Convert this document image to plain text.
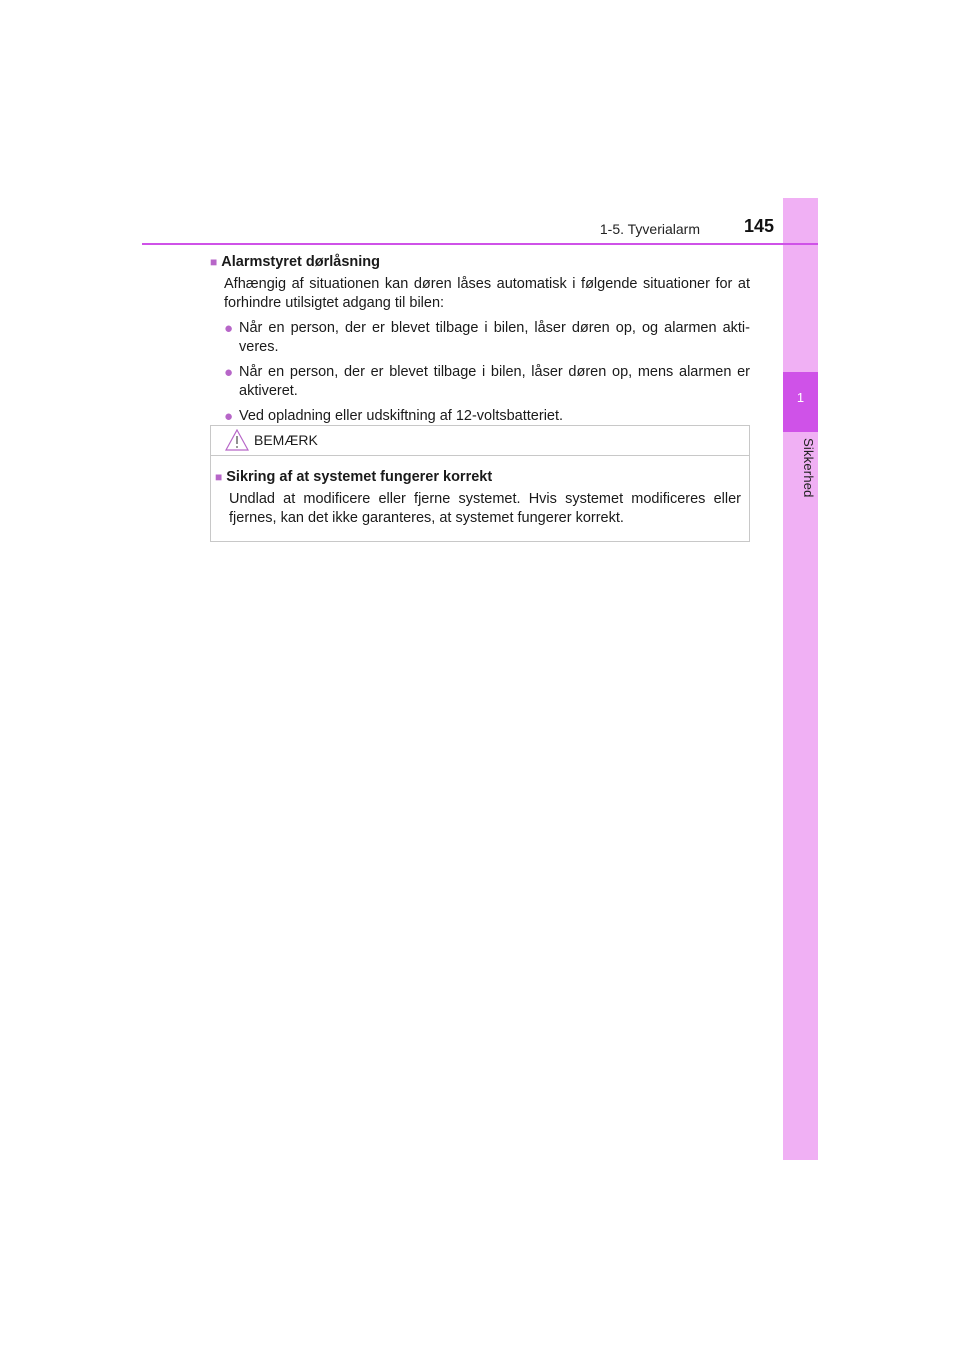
1
Sikkerhed
1-5. Tyverialarm	145
■ Alarmstyret dørlåsning
Afhængig af situationen kan døren låses automatisk i følgende situationer for at forhindre utilsigtet adgang til bilen:
● Når en person, der er blevet tilbage i bilen, låser døren op, og alarmen akti-veres.
● Når en person, der er blevet tilbage i bilen, låser døren op, mens alarmen er aktiveret.
● Ved opladning eller udskiftning af 12-voltsbatteriet.
BEMÆRK
■ Sikring af at systemet fungerer korrekt
Undlad at modificere eller fjerne systemet. Hvis systemet modificeres eller fjernes, kan det ikke garanteres, at systemet fungerer korrekt.
